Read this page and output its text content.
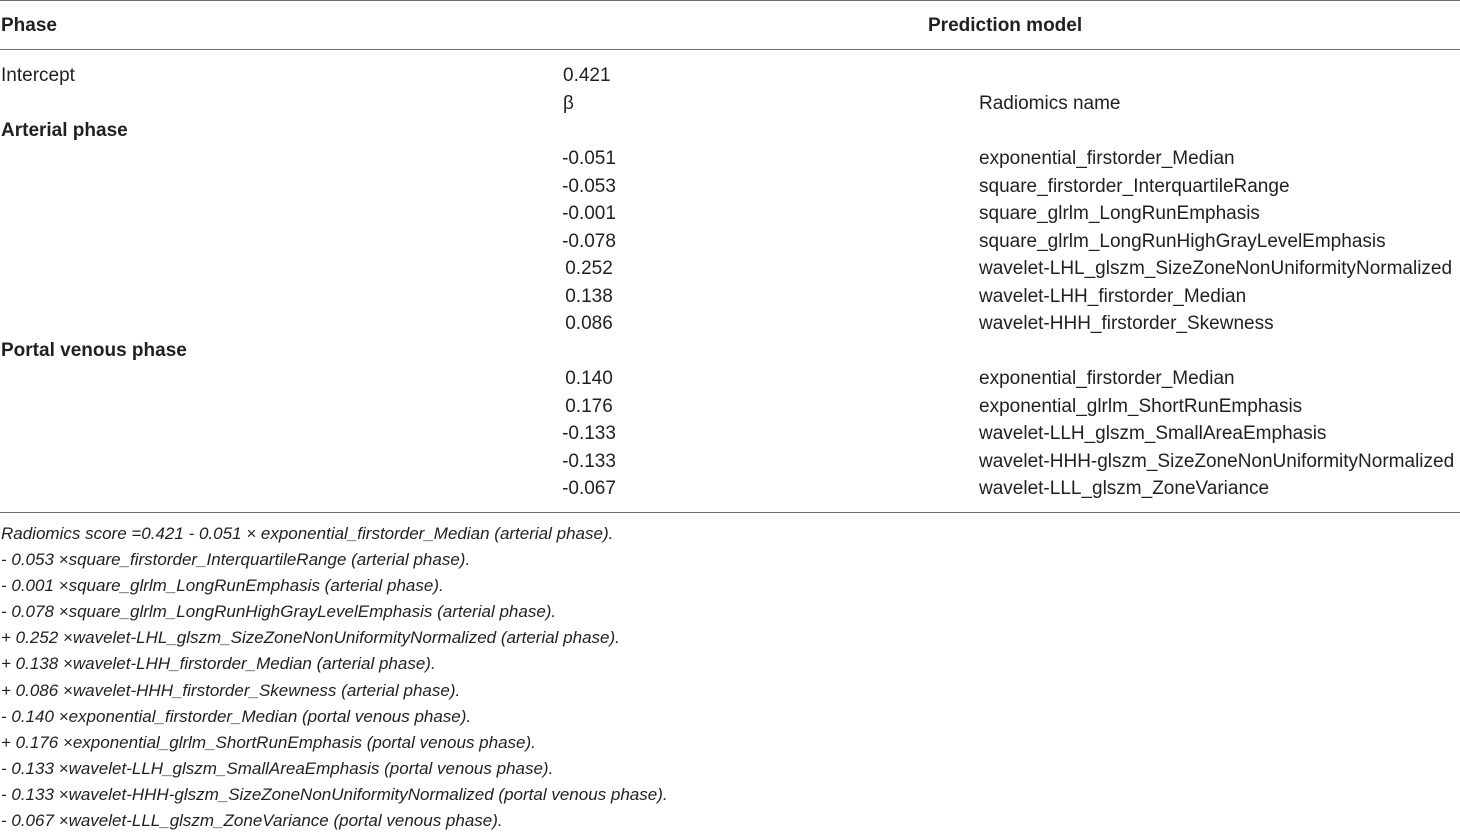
Phase	Prediction model
Intercept	0.421
β	Radiomics name
Arterial phase
-0.051	exponential_firstorder_Median
-0.053	square_firstorder_InterquartileRange
-0.001	square_glrlm_LongRunEmphasis
-0.078	square_glrlm_LongRunHighGrayLevelEmphasis
0.252	wavelet-LHL_glszm_SizeZoneNonUniformityNormalized
0.138	wavelet-LHH_firstorder_Median
0.086	wavelet-HHH_firstorder_Skewness
Portal venous phase
0.140	exponential_firstorder_Median
0.176	exponential_glrlm_ShortRunEmphasis
-0.133	wavelet-LLH_glszm_SmallAreaEmphasis
-0.133	wavelet-HHH-glszm_SizeZoneNonUniformityNormalized
-0.067	wavelet-LLL_glszm_ZoneVariance
Radiomics score =0.421 - 0.051 × exponential_firstorder_Median (arterial phase).
- 0.053 ×square_firstorder_InterquartileRange (arterial phase).
- 0.001 ×square_glrlm_LongRunEmphasis (arterial phase).
- 0.078 ×square_glrlm_LongRunHighGrayLevelEmphasis (arterial phase).
+ 0.252 ×wavelet-LHL_glszm_SizeZoneNonUniformityNormalized (arterial phase).
+ 0.138 ×wavelet-LHH_firstorder_Median (arterial phase).
+ 0.086 ×wavelet-HHH_firstorder_Skewness (arterial phase).
- 0.140 ×exponential_firstorder_Median (portal venous phase).
+ 0.176 ×exponential_glrlm_ShortRunEmphasis (portal venous phase).
- 0.133 ×wavelet-LLH_glszm_SmallAreaEmphasis (portal venous phase).
- 0.133 ×wavelet-HHH-glszm_SizeZoneNonUniformityNormalized (portal venous phase).
- 0.067 ×wavelet-LLL_glszm_ZoneVariance (portal venous phase).
